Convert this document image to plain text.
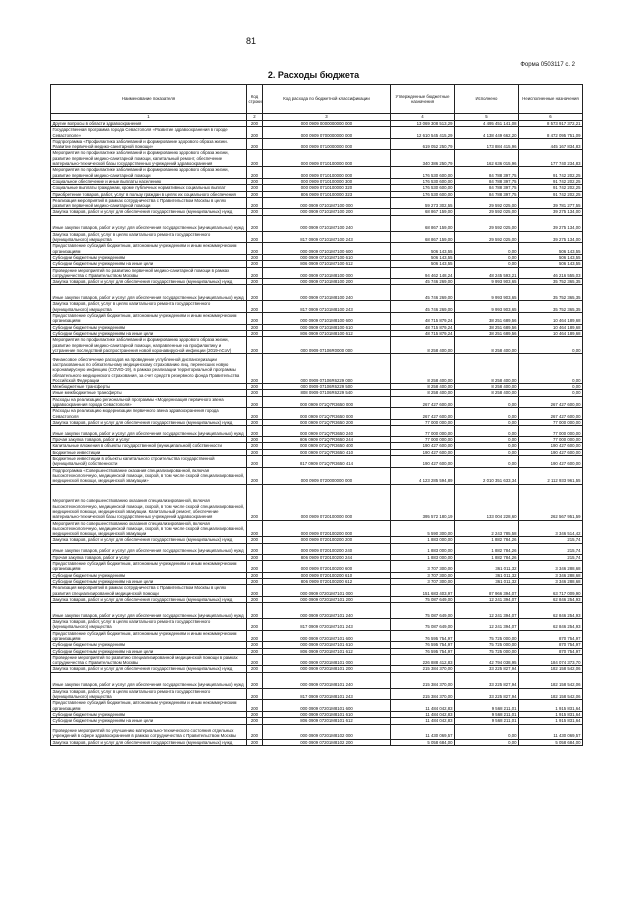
81
Форма 0503117 с. 2
2. Расходы бюджета
Наименование показателя	Код строки	Код расхода по бюджетной классификации	Утвержденные бюджетные назначения	Исполнено	Неисполненные назначения
1	2	3	4	5	6
Другие вопросы в области здравоохранения	200	000 0909 0000000000 000	13 069 308 513,29	4 495 451 141,08	8 573 917 372,21
Государственная программа города Севастополя «Развитие здравоохранения в городе Севастополе»	200	000 0909 0700000000 000	12 610 545 415,29	4 138 449 662,20	8 472 095 751,09
Подпрограмма «Профилактика заболеваний и формирование здорового образа жизни. Развитие первичной медико-санитарной помощи»	200	000 0909 0710000000 000	619 052 250,79	173 884 415,96	445 167 834,83
Мероприятия по профилактике заболеваний и формированию здорового образа жизни, развитие первичной медико-санитарной помощи, капитальный ремонт, обеспечение материально-технической базы государственных учреждений здравоохранения	200	000 0909 0710100000 000	340 386 250,79	162 636 015,96	177 740 234,83
Мероприятия по профилактике заболеваний и формированию здорового образа жизни, развитие первичной медико-санитарной помощи	200	000 0909 0710100000 000	176 530 600,00	84 788 397,75	91 742 202,25
Социальное обеспечение и иные выплаты населению	200	000 0909 0710100000 300	176 530 600,00	84 788 397,75	91 742 202,25
Социальные выплаты гражданам, кроме публичных нормативных социальных выплат	200	000 0909 0710100000 320	176 530 600,00	84 788 397,75	91 742 202,25
Приобретение товаров, работ, услуг в пользу граждан в целях их социального обеспечения	200	806 0909 0710100000 323	176 530 600,00	84 788 397,75	91 742 202,25
Реализация мероприятий в рамках сотрудничества с Правительством Москвы в целях развития первичной медико-санитарной помощи	200	000 0909 07101M7100 000	59 273 302,55	29 592 025,00	39 781 277,55
Закупка товаров, работ и услуг для обеспечения государственных (муниципальных) нужд	200	000 0909 07101M7100 200	68 867 159,00	29 592 025,00	39 275 134,00
Иные закупки товаров, работ и услуг для обеспечения государственных (муниципальных) нужд	200	000 0909 07101M7100 240	68 867 159,00	29 592 025,00	39 275 134,00
Закупка товаров, работ, услуг в целях капитального ремонта государственного (муниципального) имущества	200	817 0909 07101M7100 243	68 867 159,00	29 592 025,00	39 275 134,00
Предоставление субсидий бюджетным, автономным учреждениям и иным некоммерческим организациям	200	000 0909 07101M7100 600	506 143,55	0,00	506 143,55
Субсидии бюджетным учреждениям	200	000 0909 07101M7100 610	506 143,55	0,00	506 143,55
Субсидии бюджетным учреждениям на иные цели	200	806 0909 07101M7100 612	506 143,55	0,00	506 143,55
Проведение мероприятий по развитию первичной медико-санитарной помощи в рамках сотрудничества с Правительством Москвы	200	000 0909 07101M8100 000	94 462 148,24	48 245 593,21	46 216 555,03
Закупка товаров, работ и услуг для обеспечения государственных (муниципальных) нужд	200	000 0909 07101M8100 200	45 746 269,00	9 993 903,65	35 752 365,35
Иные закупки товаров, работ и услуг для обеспечения государственных (муниципальных) нужд	200	000 0909 07101M8100 240	45 746 269,00	9 993 903,65	35 752 365,35
Закупка товаров, работ, услуг в целях капитального ремонта государственного (муниципального) имущества	200	817 0909 07101M8100 243	45 746 269,00	9 993 903,65	35 752 365,35
Предоставление субсидий бюджетным, автономным учреждениям и иным некоммерческим организациям	200	000 0909 07101M8100 600	48 715 879,24	38 251 689,56	10 464 189,68
Субсидии бюджетным учреждениям	200	000 0909 07101M8100 610	48 715 879,24	38 251 689,56	10 464 189,68
Субсидии бюджетным учреждениям на иные цели	200	806 0909 07101M8100 612	48 715 879,24	38 251 689,56	10 464 189,68
Мероприятия по профилактике заболеваний и формированию здорового образа жизни, развитие первичной медико-санитарной помощи, направленные на профилактику и устранение последствий распространения новой коронавирусной инфекции (2019-nCoV)	200	000 0909 07106R0000 000	8 258 400,00	8 258 400,00	0,00
Финансовое обеспечение расходов на проведение углубленной диспансеризации застрахованных по обязательному медицинскому страхованию лиц, перенесших новую коронавирусную инфекцию (COVID-19), в рамках реализации территориальной программы обязательного медицинского страхования, за счет средств резервного фонда Правительства Российской Федерации	200	000 0909 07106R6229 000	8 258 400,00	8 258 400,00	0,00
Межбюджетные трансферты	200	000 0909 07106R6229 500	8 258 400,00	8 258 400,00	0,00
Иные межбюджетные трансферты	200	808 0909 07106R6229 540	8 258 400,00	8 258 400,00	0,00
Расходы на реализацию региональной программы «Модернизация первичного звена здравоохранения города Севастополя»	200	000 0909 071Q7R3650 000	267 427 600,00	0,00	267 427 600,00
Расходы на реализацию модернизации первичного звена здравоохранения города Севастополя	200	000 0909 071Q7R3650 000	267 427 600,00	0,00	267 427 600,00
Закупка товаров, работ и услуг для обеспечения государственных (муниципальных) нужд	200	000 0909 071Q7R3650 200	77 000 000,00	0,00	77 000 000,00
Иные закупки товаров, работ и услуг для обеспечения государственных (муниципальных) нужд	200	000 0909 071Q7R3650 240	77 000 000,00	0,00	77 000 000,00
Прочая закупка товаров, работ и услуг	200	806 0909 071Q7R3650 244	77 000 000,00	0,00	77 000 000,00
Капитальные вложения в объекты государственной (муниципальной) собственности	200	000 0909 071Q7R3650 400	190 427 600,00	0,00	190 427 600,00
Бюджетные инвестиции	200	000 0909 071Q7R3650 410	190 427 600,00	0,00	190 427 600,00
Бюджетные инвестиции в объекты капитального строительства государственной (муниципальной) собственности	200	817 0909 071Q7R3650 414	190 427 600,00	0,00	190 427 600,00
Подпрограмма «Совершенствование оказания специализированной, включая высокотехнологичную, медицинской помощи, скорой, в том числе скорой специализированной, медицинской помощи, медицинской эвакуации»	200	000 0909 0720000000 000	4 123 285 594,89	2 010 351 633,34	2 112 933 961,55
Мероприятия по совершенствованию оказания специализированной, включая высокотехнологичную, медицинской помощи, скорой, в том числе скорой специализированной, медицинской помощи, медицинской эвакуации. Капитальный ремонт, обеспечение материально-технической базы государственных учреждений здравоохранения	200	000 0909 0720100000 000	395 572 180,19	133 004 228,60	262 567 951,59
Мероприятия по совершенствованию оказания специализированной, включая высокотехнологичную, медицинской помощи, скорой, в том числе скорой специализированной, медицинской помощи, медицинской эвакуации	200	000 0909 0720100200 000	5 590 300,00	2 243 785,58	3 346 514,42
Закупка товаров, работ и услуг для обеспечения государственных (муниципальных) нужд	200	000 0909 0720100200 200	1 883 000,00	1 882 784,26	215,74
Иные закупки товаров, работ и услуг для обеспечения государственных (муниципальных) нужд	200	000 0909 0720100200 240	1 883 000,00	1 882 784,26	215,74
Прочая закупка товаров, работ и услуг	200	806 0909 0720100200 244	1 883 000,00	1 882 784,26	215,74
Предоставление субсидий бюджетным, автономным учреждениям и иным некоммерческим организациям	200	000 0909 0720100200 600	3 707 300,00	361 011,32	3 346 288,68
Субсидии бюджетным учреждениям	200	000 0909 0720100200 610	3 707 300,00	361 011,32	3 346 288,68
Субсидии бюджетным учреждениям на иные цели	200	806 0909 0720100200 612	3 707 300,00	361 011,32	3 346 288,68
Реализация мероприятий в рамках сотрудничества с Правительством Москвы в целях развития специализированной медицинской помощи	200	000 0909 07201M7101 000	151 683 403,97	87 966 394,07	63 717 009,90
Закупка товаров, работ и услуг для обеспечения государственных (муниципальных) нужд	200	000 0909 07201M7101 200	75 087 649,00	12 241 394,07	62 846 254,93
Иные закупки товаров, работ и услуг для обеспечения государственных (муниципальных) нужд	200	000 0909 07201M7101 240	75 087 649,00	12 241 394,07	62 846 254,93
Закупка товаров, работ, услуг в целях капитального ремонта государственного (муниципального) имущества	200	817 0909 07201M7101 243	75 087 649,00	12 241 394,07	62 846 254,93
Предоставление субсидий бюджетным, автономным учреждениям и иным некоммерческим организациям	200	000 0909 07201M7101 600	76 595 754,97	75 725 000,00	870 754,97
Субсидии бюджетным учреждениям	200	000 0909 07201M7101 610	76 595 754,97	75 725 000,00	870 754,97
Субсидии бюджетным учреждениям на иные цели	200	806 0909 07201M7101 612	76 595 754,97	75 725 000,00	870 754,97
Проведение мероприятий по развитию специализированной медицинской помощи в рамках сотрудничества с Правительством Москвы	200	000 0909 07201M8101 000	226 888 412,83	42 794 038,95	184 074 373,70
Закупка товаров, работ и услуг для обеспечения государственных (муниципальных) нужд	200	000 0909 07201M8101 200	215 384 370,00	33 225 827,94	182 158 542,06
Иные закупки товаров, работ и услуг для обеспечения государственных (муниципальных) нужд	200	000 0909 07201M8101 240	215 384 370,00	33 225 827,94	182 158 542,06
Закупка товаров, работ, услуг в целях капитального ремонта государственного (муниципального) имущества	200	817 0909 07201M8101 243	215 384 370,00	33 225 827,94	182 158 542,06
Предоставление субсидий бюджетным, автономным учреждениям и иным некоммерческим организациям	200	000 0909 07201M8101 600	11 484 042,83	9 568 211,01	1 915 831,64
Субсидии бюджетным учреждениям	200	000 0909 07201M8101 610	11 484 042,83	9 568 211,01	1 915 831,64
Субсидии бюджетным учреждениям на иные цели	200	806 0909 07201M8101 612	11 484 042,83	9 568 211,01	1 915 831,64
Проведение мероприятий по улучшению материально-технического состояния отдельных учреждений в сфере здравоохранения в рамках сотрудничества с Правительством Москвы	200	000 0909 07201M8102 000	11 430 069,57	0,00	11 430 069,57
Закупка товаров, работ и услуг для обеспечения государственных (муниципальных) нужд	200	000 0909 07201M8102 200	5 058 684,00	0,00	5 058 684,00
